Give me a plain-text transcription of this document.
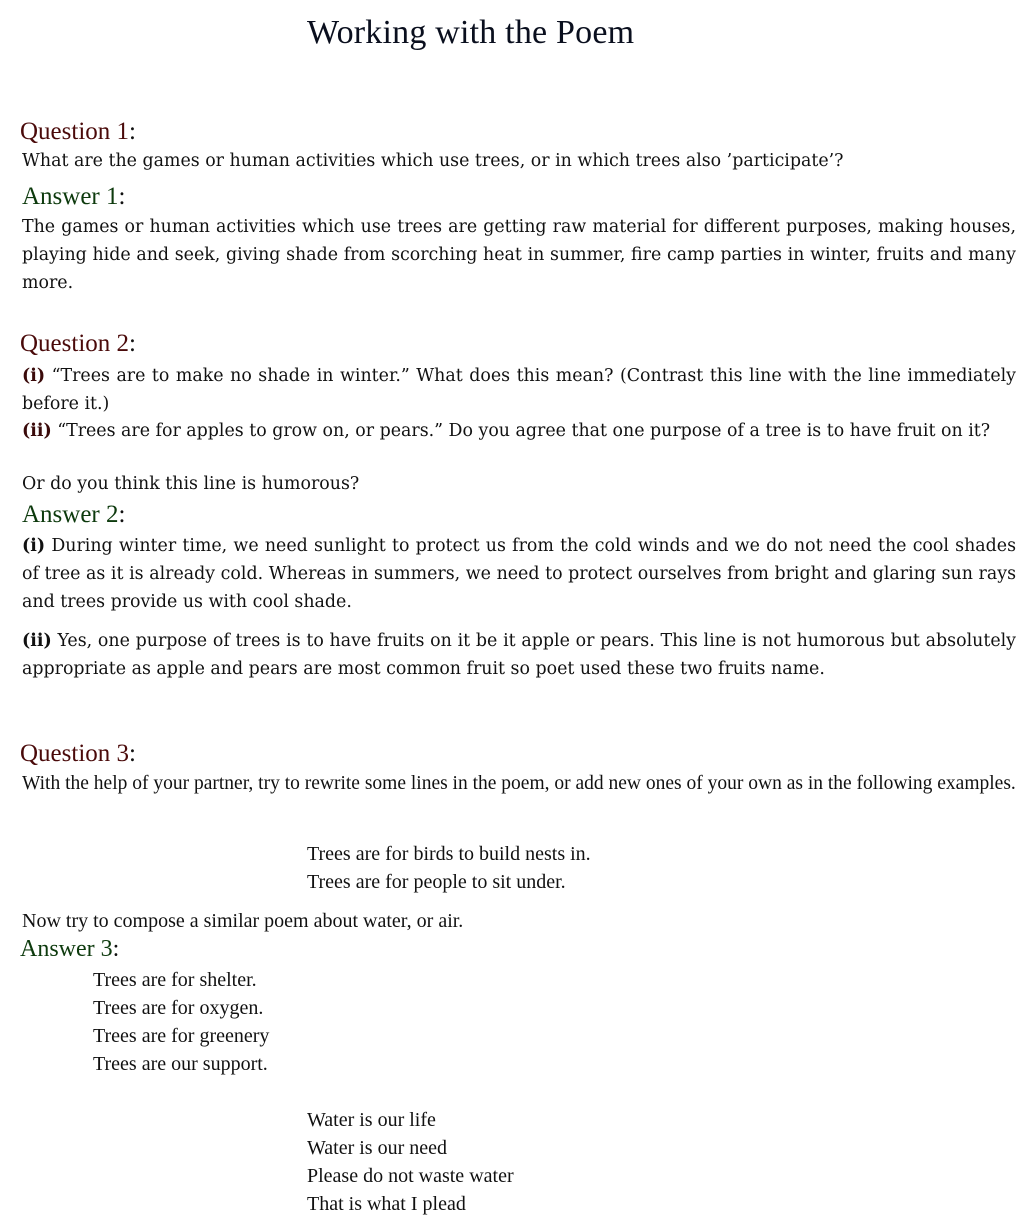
Working with the Poem
Question 1:
What are the games or human activities which use trees, or in which trees also ’participate’?
Answer 1:
The games or human activities which use trees are getting raw material for different purposes, making houses, playing hide and seek, giving shade from scorching heat in summer, fire camp parties in winter, fruits and many more.
Question 2:
(i) “Trees are to make no shade in winter.” What does this mean? (Contrast this line with the line immediately before it.)
(ii) “Trees are for apples to grow on, or pears.” Do you agree that one purpose of a tree is to have fruit on it?
Or do you think this line is humorous?
Answer 2:
(i) During winter time, we need sunlight to protect us from the cold winds and we do not need the cool shades of tree as it is already cold. Whereas in summers, we need to protect ourselves from bright and glaring sun rays and trees provide us with cool shade.
(ii) Yes, one purpose of trees is to have fruits on it be it apple or pears. This line is not humorous but absolutely appropriate as apple and pears are most common fruit so poet used these two fruits name.
Question 3:
With the help of your partner, try to rewrite some lines in the poem, or add new ones of your own as in the following examples.
Trees are for birds to build nests in.
Trees are for people to sit under.
Now try to compose a similar poem about water, or air.
Answer 3:
Trees are for shelter.
Trees are for oxygen.
Trees are for greenery
Trees are our support.
Water is our life
Water is our need
Please do not waste water
That is what I plead
